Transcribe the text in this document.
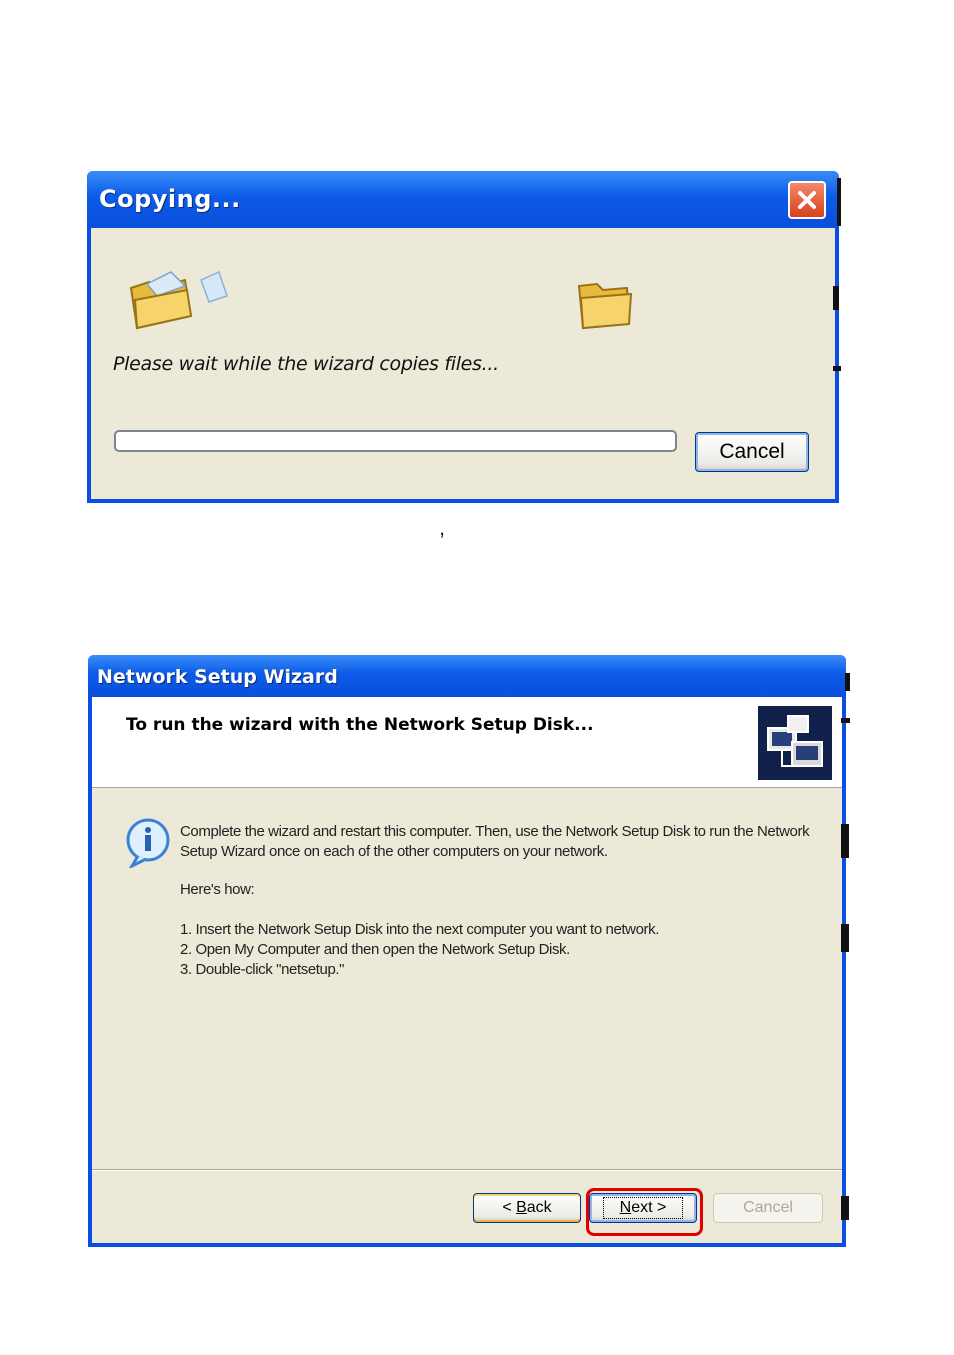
Copying...
Please wait while the wizard copies files...
Cancel
,
Network Setup Wizard
To run the wizard with the Network Setup Disk...
Complete the wizard and restart this computer. Then, use the Network Setup Disk to run the Network Setup Wizard once on each of the other computers on your network.
Here's how:
1. Insert the Network Setup Disk into the next computer you want to network.
2. Open My Computer and then open the Network Setup Disk.
3. Double-click "netsetup."
< B ack	Next >	Cancel
